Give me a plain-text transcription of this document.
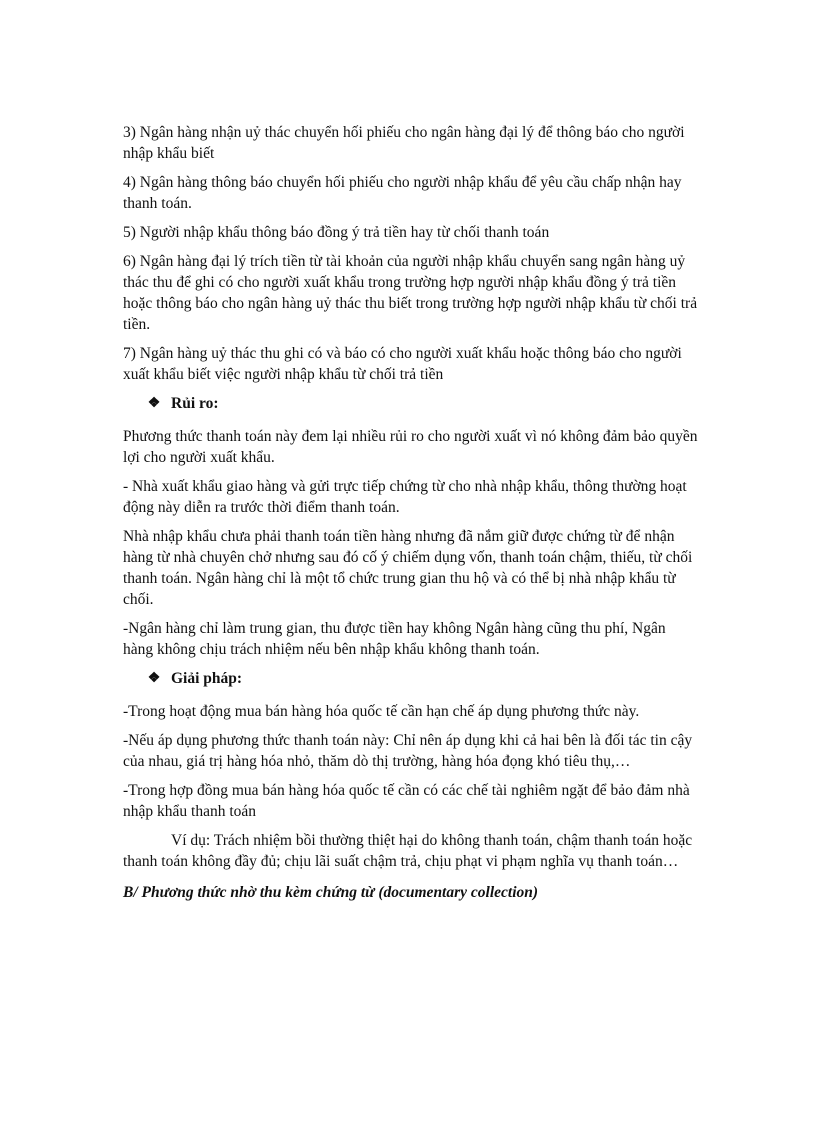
3) Ngân hàng nhận uỷ thác chuyển hối phiếu cho ngân hàng đại lý để thông báo cho người nhập khẩu biết

4) Ngân hàng thông báo chuyển hối phiếu cho người nhập khẩu để yêu cầu chấp nhận hay thanh toán.

5) Người nhập khẩu thông báo đồng ý trả tiền hay từ chối thanh toán

6) Ngân hàng đại lý trích tiền từ tài khoản của người nhập khẩu chuyển sang ngân hàng uỷ thác thu để ghi có cho người xuất khẩu trong trường hợp người nhập khẩu đồng ý trả tiền hoặc thông báo cho ngân hàng uỷ thác thu biết trong trường hợp người nhập khẩu từ chối trả tiền.

7) Ngân hàng uỷ thác thu ghi có và báo có cho người xuất khẩu hoặc thông báo cho người xuất khẩu biết việc người nhập khẩu từ chối trả tiền

❖ Rủi ro:

Phương thức thanh toán này đem lại nhiều rủi ro cho người xuất vì nó không đảm bảo quyền lợi cho người xuất khẩu.

- Nhà xuất khẩu giao hàng và gửi trực tiếp chứng từ cho nhà nhập khẩu, thông thường hoạt động này diễn ra trước thời điểm thanh toán.

Nhà nhập khẩu chưa phải thanh toán tiền hàng nhưng đã nắm giữ được chứng từ để nhận hàng từ nhà chuyên chở nhưng sau đó cố ý chiếm dụng vốn, thanh toán chậm, thiếu, từ chối thanh toán. Ngân hàng chỉ là một tổ chức trung gian thu hộ và có thể bị nhà nhập khẩu từ chối.

-Ngân hàng chỉ làm trung gian, thu được tiền hay không Ngân hàng cũng thu phí, Ngân hàng không chịu trách nhiệm nếu bên nhập khẩu không thanh toán.

❖ Giải pháp:

-Trong hoạt động mua bán hàng hóa quốc tế cần hạn chế áp dụng phương thức này.

-Nếu áp dụng phương thức thanh toán này: Chỉ nên áp dụng khi cả hai bên là đối tác tin cậy của nhau, giá trị hàng hóa nhỏ, thăm dò thị trường, hàng hóa đọng khó tiêu thụ,…

-Trong hợp đồng mua bán hàng hóa quốc tế cần có các chế tài nghiêm ngặt để bảo đảm nhà nhập khẩu thanh toán

Ví dụ: Trách nhiệm bồi thường thiệt hại do không thanh toán, chậm thanh toán hoặc thanh toán không đầy đủ; chịu lãi suất chậm trả, chịu phạt vi phạm nghĩa vụ thanh toán…

B/ Phương thức nhờ thu kèm chứng từ (documentary collection)
